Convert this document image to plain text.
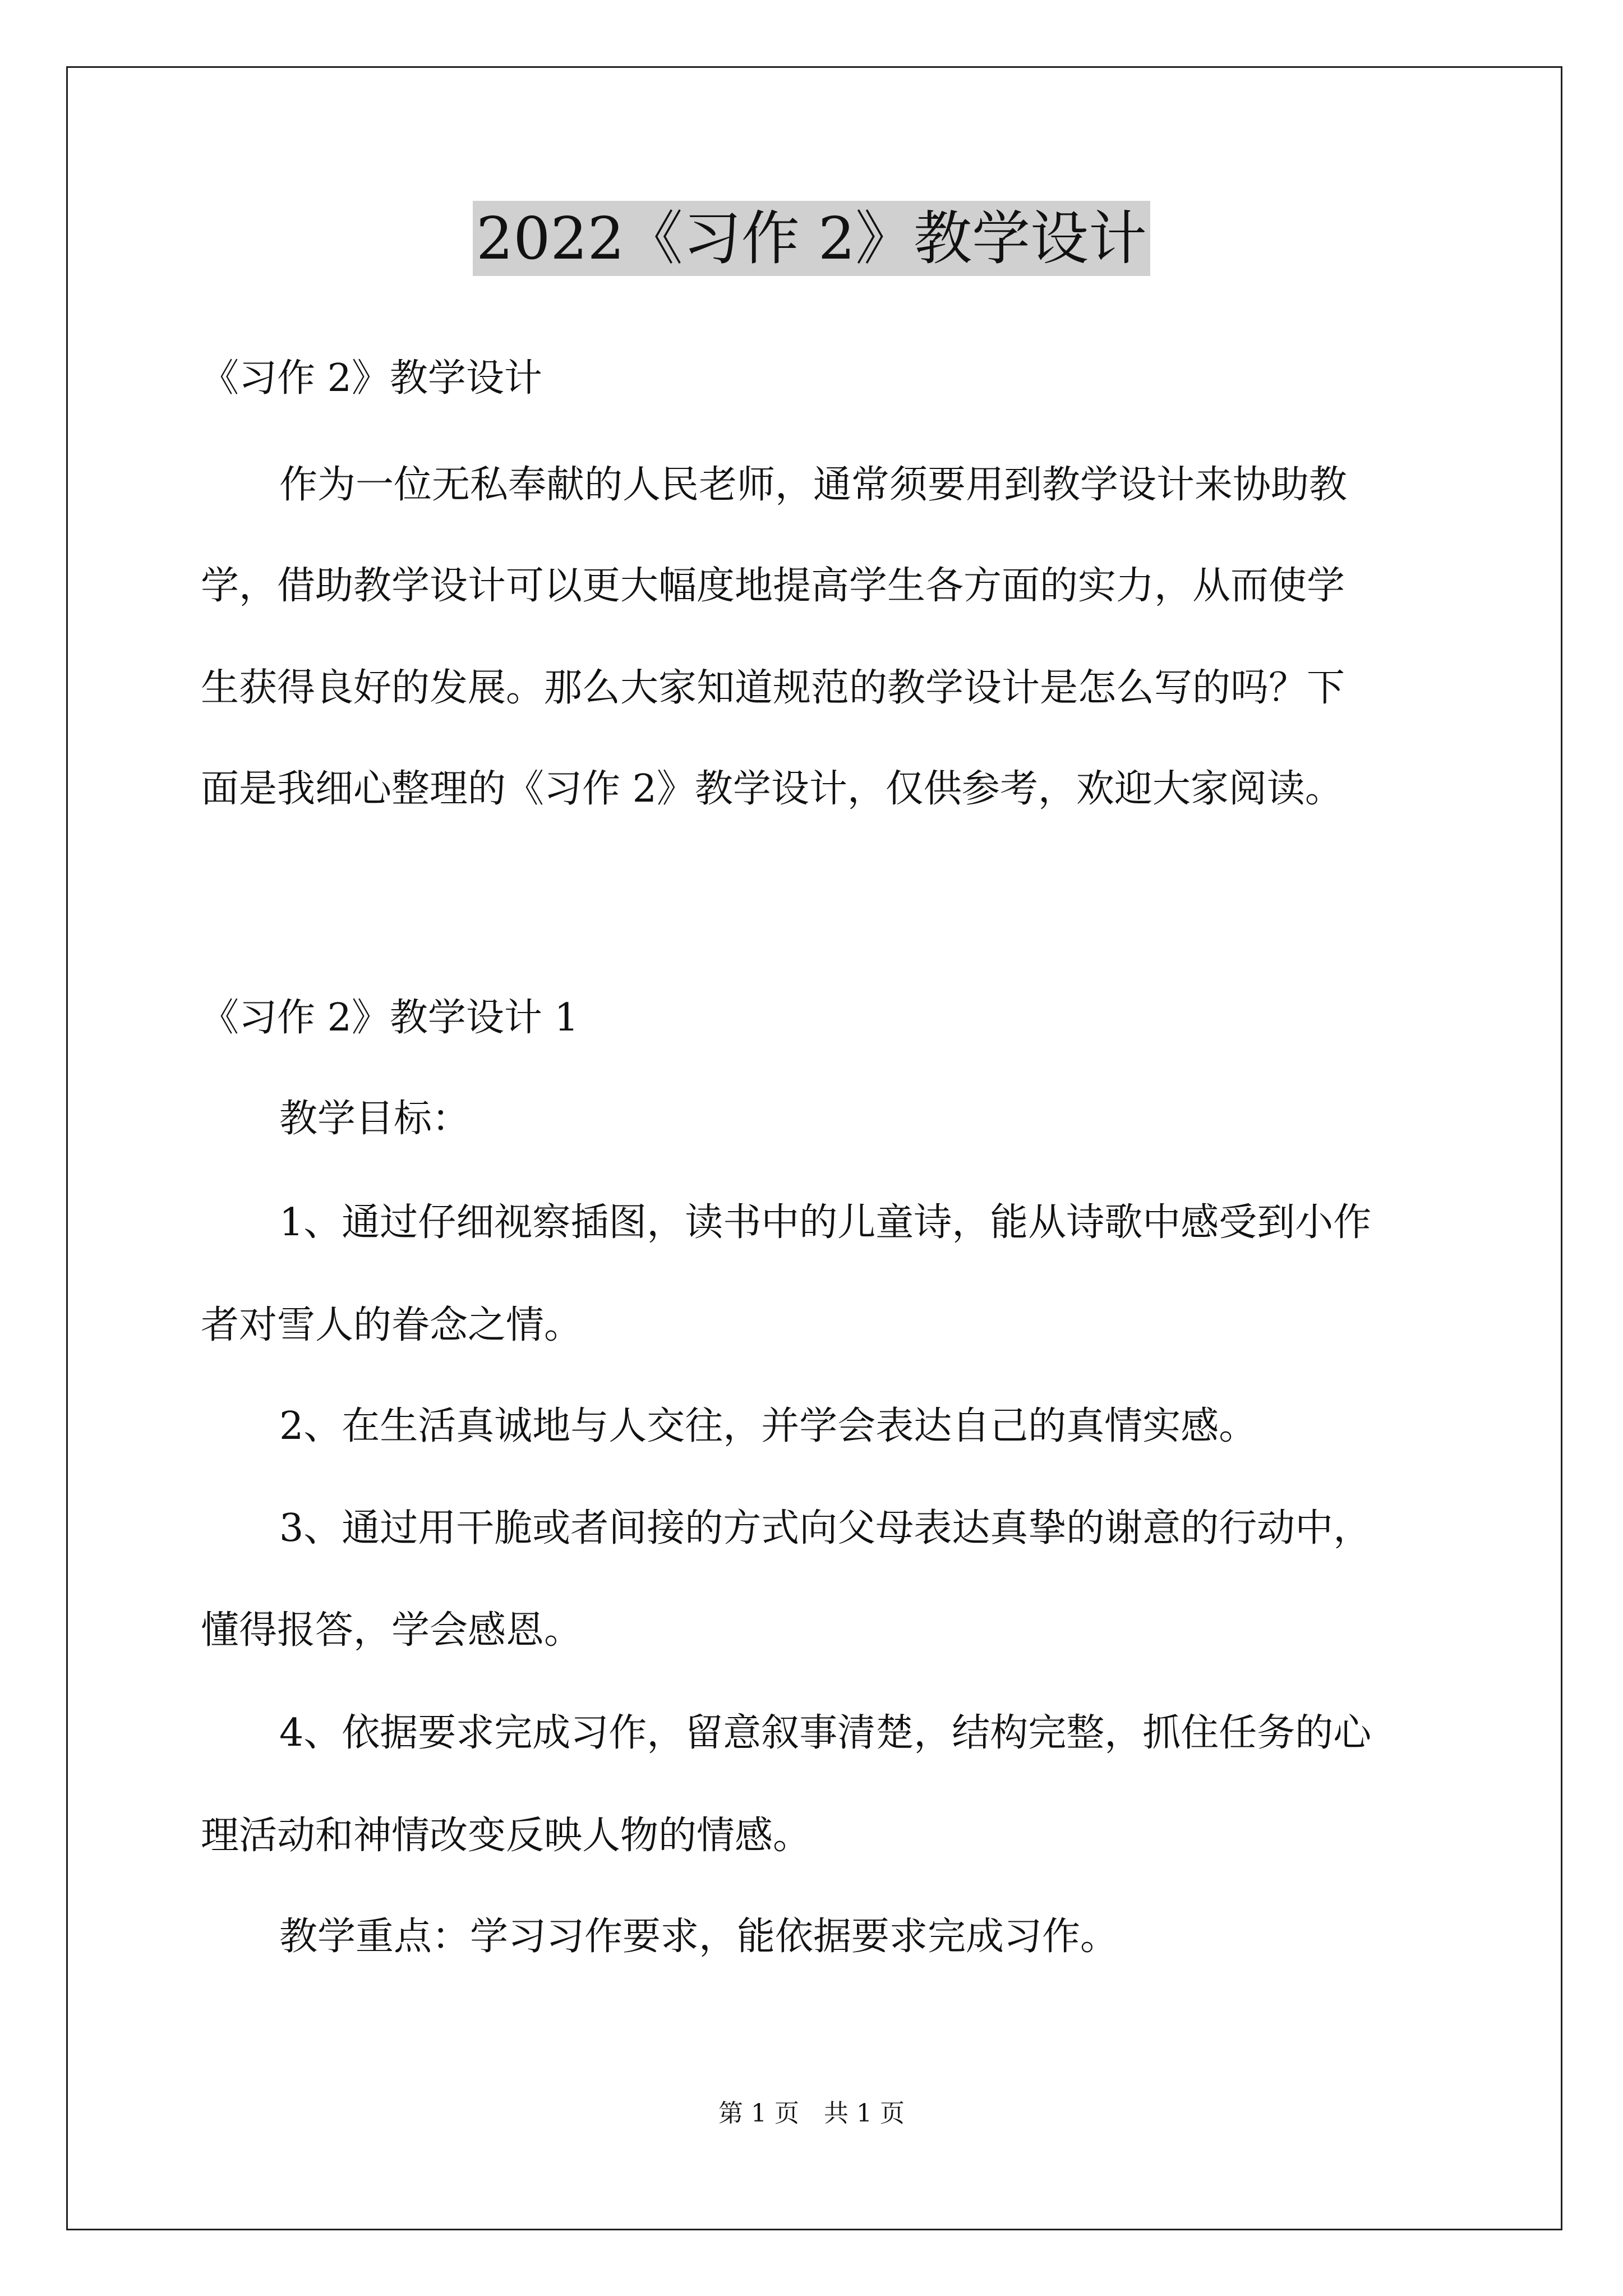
2022《习作 2》教学设计
《习作 2》教学设计
作为一位无私奉献的人民老师，通常须要用到教学设计来协助教
学，借助教学设计可以更大幅度地提高学生各方面的实力，从而使学
生获得良好的发展。那么大家知道规范的教学设计是怎么写的吗？下
面是我细心整理的《习作 2》教学设计，仅供参考，欢迎大家阅读。
《习作 2》教学设计 1
教学目标：
1、通过仔细视察插图，读书中的儿童诗，能从诗歌中感受到小作
者对雪人的眷念之情。
2、在生活真诚地与人交往，并学会表达自己的真情实感。
3、通过用干脆或者间接的方式向父母表达真挚的谢意的行动中，
懂得报答，学会感恩。
4、依据要求完成习作，留意叙事清楚，结构完整，抓住任务的心
理活动和神情改变反映人物的情感。
教学重点：学习习作要求，能依据要求完成习作。
第 1 页　共 1 页
